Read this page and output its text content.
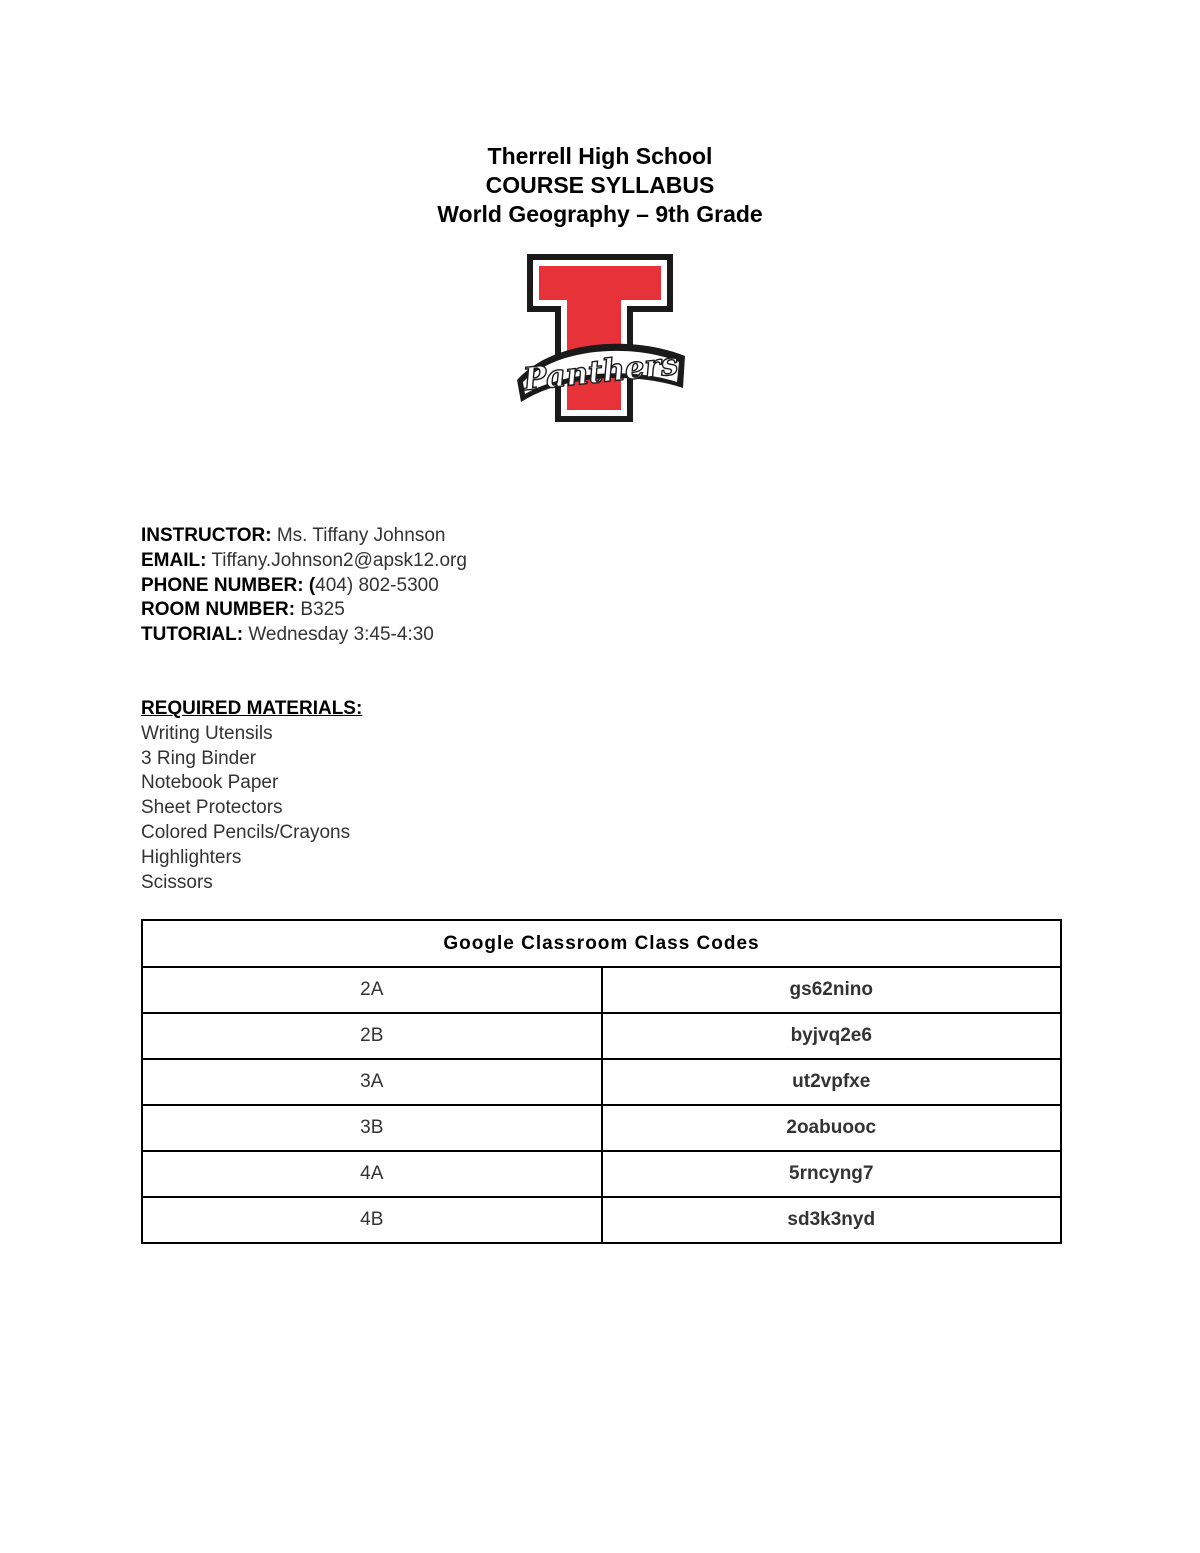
Therrell High School
COURSE SYLLABUS
World Geography – 9th Grade
Panthers
INSTRUCTOR: Ms. Tiffany Johnson
EMAIL: Tiffany.Johnson2@apsk12.org
PHONE NUMBER: (404) 802-5300
ROOM NUMBER: B325
TUTORIAL: Wednesday 3:45-4:30
REQUIRED MATERIALS:
Writing Utensils
3 Ring Binder
Notebook Paper
Sheet Protectors
Colored Pencils/Crayons
Highlighters
Scissors
Google Classroom Class Codes	
2A	gs62nino
2B	byjvq2e6
3A	ut2vpfxe
3B	2oabuooc
4A	5rncyng7
4B	sd3k3nyd
